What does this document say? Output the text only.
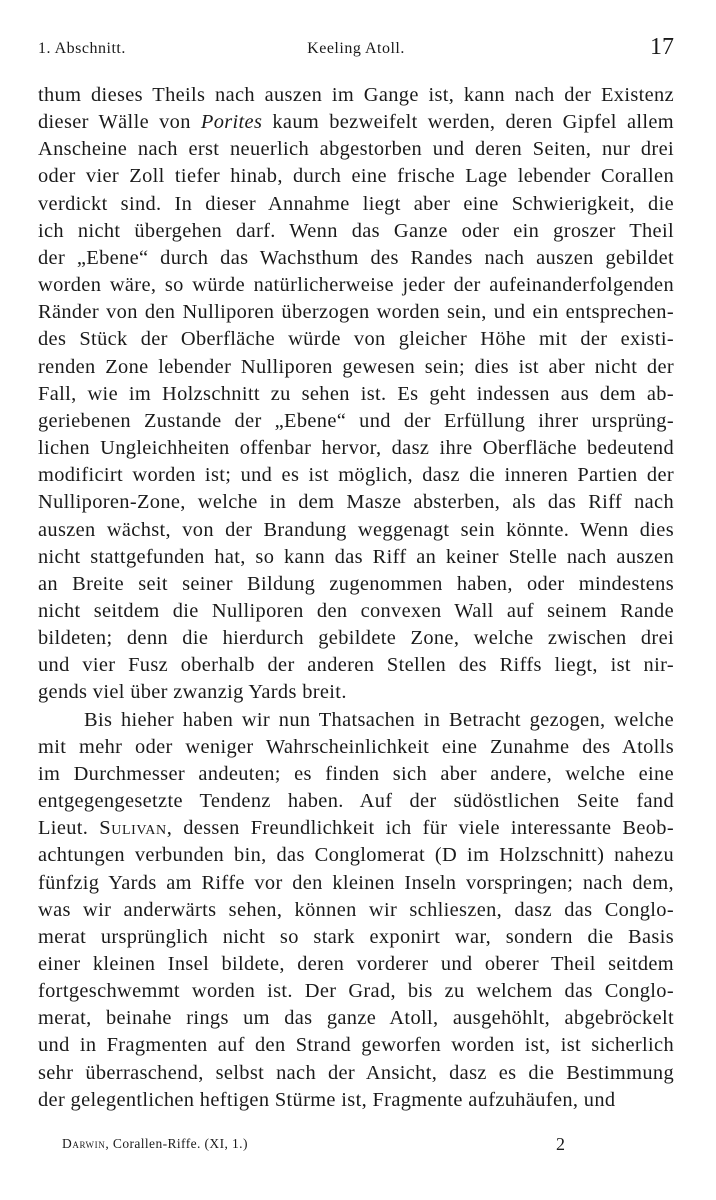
1. Abschnitt.	Keeling Atoll.	17

thum dieses Theils nach auszen im Gange ist, kann nach der Existenz
dieser Wälle von Porites kaum bezweifelt werden, deren Gipfel allem
Anscheine nach erst neuerlich abgestorben und deren Seiten, nur drei
oder vier Zoll tiefer hinab, durch eine frische Lage lebender Corallen
verdickt sind. In dieser Annahme liegt aber eine Schwierigkeit, die
ich nicht übergehen darf. Wenn das Ganze oder ein groszer Theil
der „Ebene“ durch das Wachsthum des Randes nach auszen gebildet
worden wäre, so würde natürlicherweise jeder der aufeinanderfolgenden
Ränder von den Nulliporen überzogen worden sein, und ein entsprechen-
des Stück der Oberfläche würde von gleicher Höhe mit der existi-
renden Zone lebender Nulliporen gewesen sein; dies ist aber nicht der
Fall, wie im Holzschnitt zu sehen ist. Es geht indessen aus dem ab-
geriebenen Zustande der „Ebene“ und der Erfüllung ihrer ursprüng-
lichen Ungleichheiten offenbar hervor, dasz ihre Oberfläche bedeutend
modificirt worden ist; und es ist möglich, dasz die inneren Partien der
Nulliporen-Zone, welche in dem Masze absterben, als das Riff nach
auszen wächst, von der Brandung weggenagt sein könnte. Wenn dies
nicht stattgefunden hat, so kann das Riff an keiner Stelle nach auszen
an Breite seit seiner Bildung zugenommen haben, oder mindestens
nicht seitdem die Nulliporen den convexen Wall auf seinem Rande
bildeten; denn die hierdurch gebildete Zone, welche zwischen drei
und vier Fusz oberhalb der anderen Stellen des Riffs liegt, ist nir-
gends viel über zwanzig Yards breit.

Bis hieher haben wir nun Thatsachen in Betracht gezogen, welche
mit mehr oder weniger Wahrscheinlichkeit eine Zunahme des Atolls
im Durchmesser andeuten; es finden sich aber andere, welche eine
entgegengesetzte Tendenz haben. Auf der südöstlichen Seite fand
Lieut. Sulivan, dessen Freundlichkeit ich für viele interessante Beob-
achtungen verbunden bin, das Conglomerat (D im Holzschnitt) nahezu
fünfzig Yards am Riffe vor den kleinen Inseln vorspringen; nach dem,
was wir anderwärts sehen, können wir schlieszen, dasz das Conglo-
merat ursprünglich nicht so stark exponirt war, sondern die Basis
einer kleinen Insel bildete, deren vorderer und oberer Theil seitdem
fortgeschwemmt worden ist. Der Grad, bis zu welchem das Conglo-
merat, beinahe rings um das ganze Atoll, ausgehöhlt, abgebröckelt
und in Fragmenten auf den Strand geworfen worden ist, ist sicherlich
sehr überraschend, selbst nach der Ansicht, dasz es die Bestimmung
der gelegentlichen heftigen Stürme ist, Fragmente aufzuhäufen, und

Darwin, Corallen-Riffe. (XI, 1.)	2
